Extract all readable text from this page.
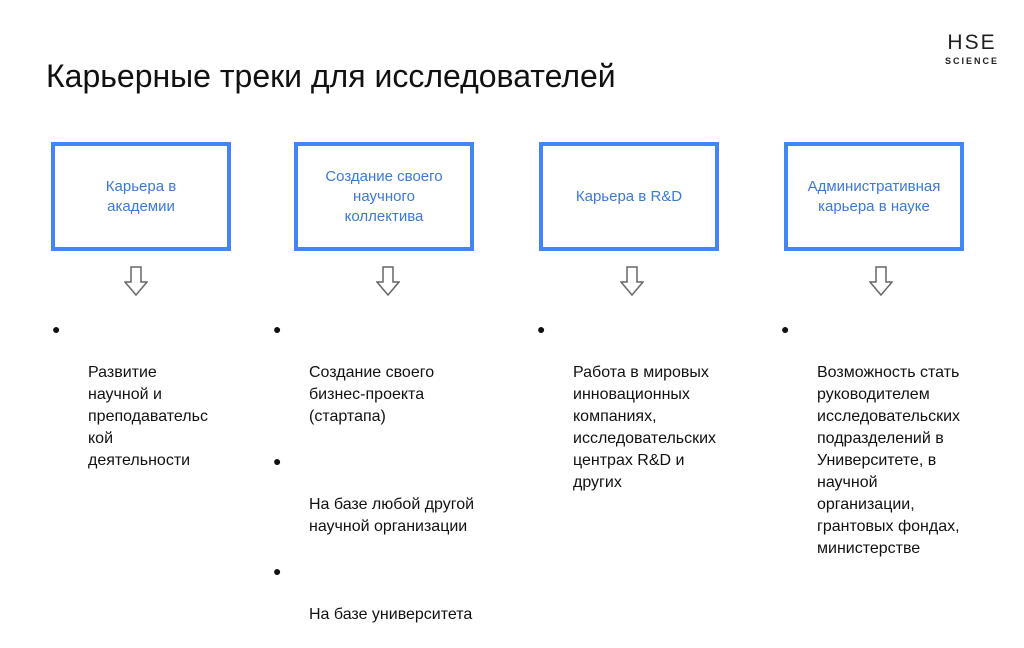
HSE
SCIENCE
Карьерные треки для исследователей
Карьера в
академии
Создание своего
научного
коллектива
Карьера в R&D
Административная
карьера в науке

●

Развитие
научной и
преподавательс
кой
деятельности

●

Создание своего
бизнес-проекта
(стартапа)

●

На базе любой другой
научной организации

●

На базе университета

●

Работа в мировых
инновационных
компаниях,
исследовательских
центрах R&D и
других

●

Возможность стать
руководителем
исследовательских
подразделений в
Университете, в
научной
организации,
грантовых фондах,
министерстве
